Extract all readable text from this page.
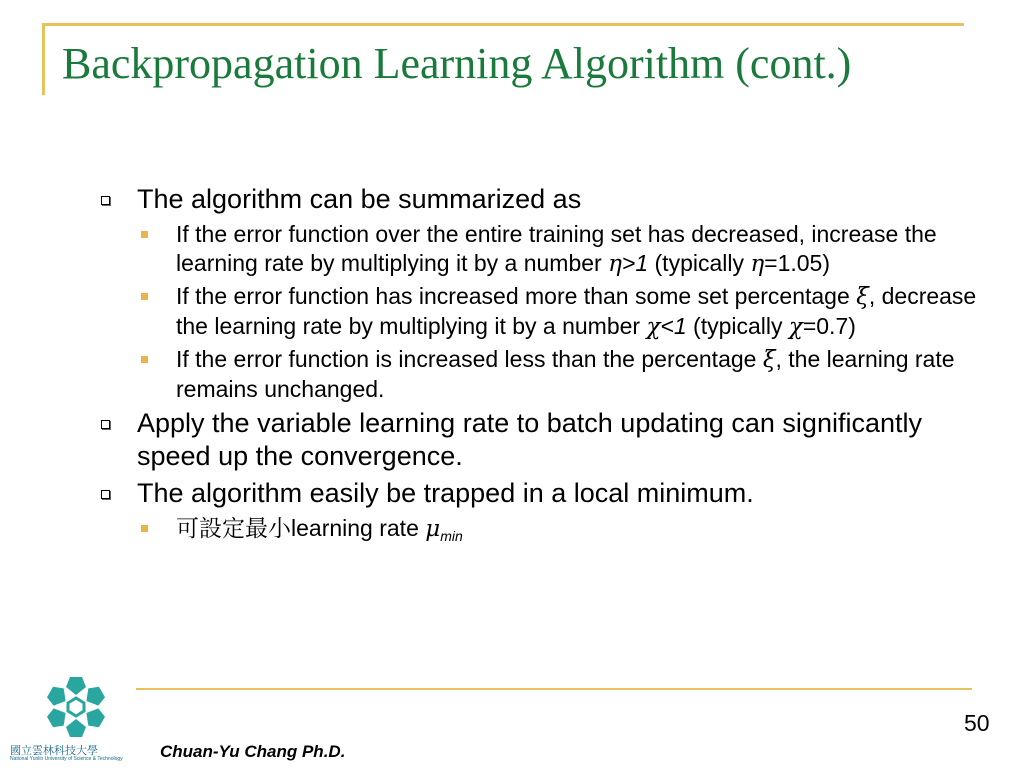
Backpropagation Learning Algorithm (cont.)
The algorithm can be summarized as
If the error function over the entire training set has decreased, increase the learning rate by multiplying it by a number η>1 (typically η=1.05)
If the error function has increased more than some set percentage ξ, decrease the learning rate by multiplying it by a number χ<1 (typically χ=0.7)
If the error function is increased less than the percentage ξ, the learning rate remains unchanged.
Apply the variable learning rate to batch updating can significantly speed up the convergence.
The algorithm easily be trapped in a local minimum.
可設定最小learning rate $\mu_{min}$
國立雲林科技大學
National Yunlin University of Science & Technology	Chuan-Yu Chang Ph.D.
50
